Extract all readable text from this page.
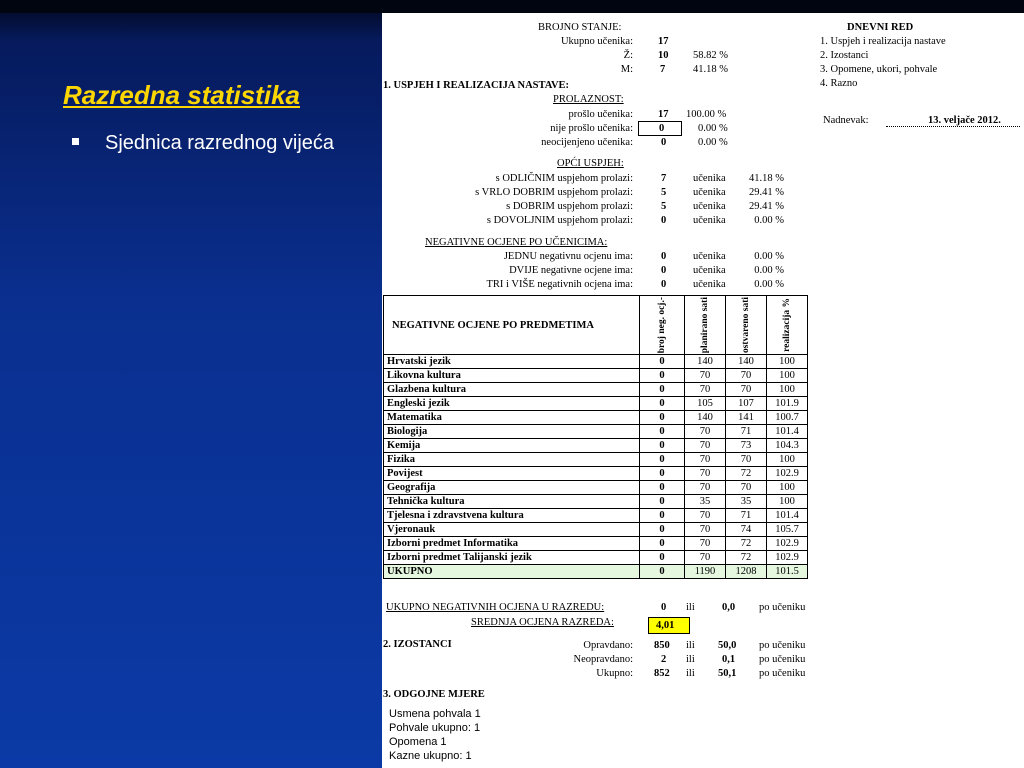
Razredna statistika
Sjednica razrednog vijeća
BROJNO STANJE:
Ukupno učenika: 17
Ž: 10 58.82 %
M:	7	41.18 %
DNEVNI RED
1. Uspjeh i realizacija nastave
2. Izostanci
3. Opomene, ukori, pohvale
4. Razno
Nadnevak:	13. veljače 2012.
1. USPJEH I REALIZACIJA NASTAVE:
PROLAZNOST:
prošlo učenika: 17 100.00 %
nije prošlo učenika: 0	0.00 %
neocijenjeno učenika:	0	0.00 %
OPĆI USPJEH:
s ODLIČNIM uspjehom prolazi:	7	učenika	41.18 %
s VRLO DOBRIM uspjehom prolazi:	5	učenika	29.41 %
s DOBRIM uspjehom prolazi:	5	učenika	29.41 %
s DOVOLJNIM uspjehom prolazi:	0	učenika	0.00 %
NEGATIVNE OCJENE PO UČENICIMA:
JEDNU negativnu ocjenu ima:	0	učenika	0.00 %
DVIJE negativne ocjene ima:	0	učenika	0.00 %
TRI i VIŠE negativnih ocjena ima:	0	učenika	0.00 %
NEGATIVNE OCJENE PO PREDMETIMA	broj neg. ocj.-	planirano sati	ostvareno sati	realizacija %

Hrvatski jezik	0	140	140	100
Likovna kultura	0	70	70	100
Glazbena kultura	0	70	70	100
Engleski jezik	0	105	107	101.9
Matematika	0	140	141	100.7
Biologija	0	70	71	101.4
Kemija	0	70	73	104.3
Fizika	0	70	70	100
Povijest	0	70	72	102.9
Geografija	0	70	70	100
Tehnička kultura	0	35	35	100
Tjelesna i zdravstvena kultura	0	70	71	101.4
Vjeronauk	0	70	74	105.7
Izborni predmet Informatika	0	70	72	102.9
Izborni predmet Talijanski jezik	0	70	72	102.9
UKUPNO	0	1190	1208	101.5
UKUPNO NEGATIVNIH OCJENA U RAZREDU:	0 ili	0,0 po učeniku
SREDNJA OCJENA RAZREDA:	4,01
2. IZOSTANCI	Opravdano: 850 ili 50,0 po učeniku
Neopravdano:	2 ili	0,1 po učeniku
Ukupno: 852 ili 50,1 po učeniku
3. ODGOJNE MJERE
Usmena pohvala 1
Pohvale ukupno: 1
Opomena 1
Kazne ukupno: 1
